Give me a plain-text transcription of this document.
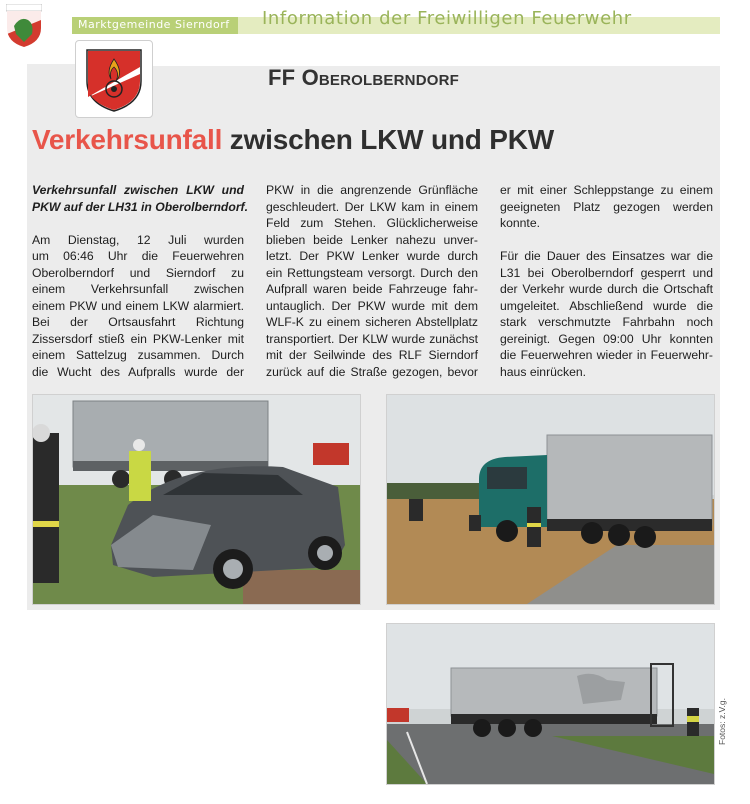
Marktgemeinde Sierndorf Information der Freiwilligen Feuerwehr
FF Oberolberndorf
Verkehrsunfall zwischen LKW und PKW

Verkehrsunfall zwischen LKW und
PKW auf der LH31 in Oberolberndorf.

Am Dienstag, 12 Juli wurden
um 06:46 Uhr die Feuerwehren
Oberolberndorf und Sierndorf zu
einem Verkehrsunfall zwischen
einem PKW und einem LKW alarmiert.
Bei der Ortsausfahrt Richtung
Zissersdorf stieß ein PKW-Lenker mit
einem Sattelzug zusammen. Durch
die Wucht des Aufpralls wurde der

PKW in die angrenzende Grünfläche
geschleudert. Der LKW kam in einem
Feld zum Stehen. Glücklicherweise
blieben beide Lenker nahezu unver-
letzt. Der PKW Lenker wurde durch
ein Rettungsteam versorgt. Durch den
Aufprall waren beide Fahrzeuge fahr-
untauglich. Der PKW wurde mit dem
WLF-K zu einem sicheren Abstellplatz
transportiert. Der KLW wurde zunächst
mit der Seilwinde des RLF Sierndorf
zurück auf die Straße gezogen, bevor

er mit einer Schleppstange zu einem
geeigneten Platz gezogen werden
konnte.

Für die Dauer des Einsatzes war die
L31 bei Oberolberndorf gesperrt und
der Verkehr wurde durch die Ortschaft
umgeleitet. Abschließend wurde die
stark verschmutzte Fahrbahn noch
gereinigt. Gegen 09:00 Uhr konnten
die Feuerwehren wieder in Feuerwehr-
haus einrücken.

Fotos: z.V.g.
